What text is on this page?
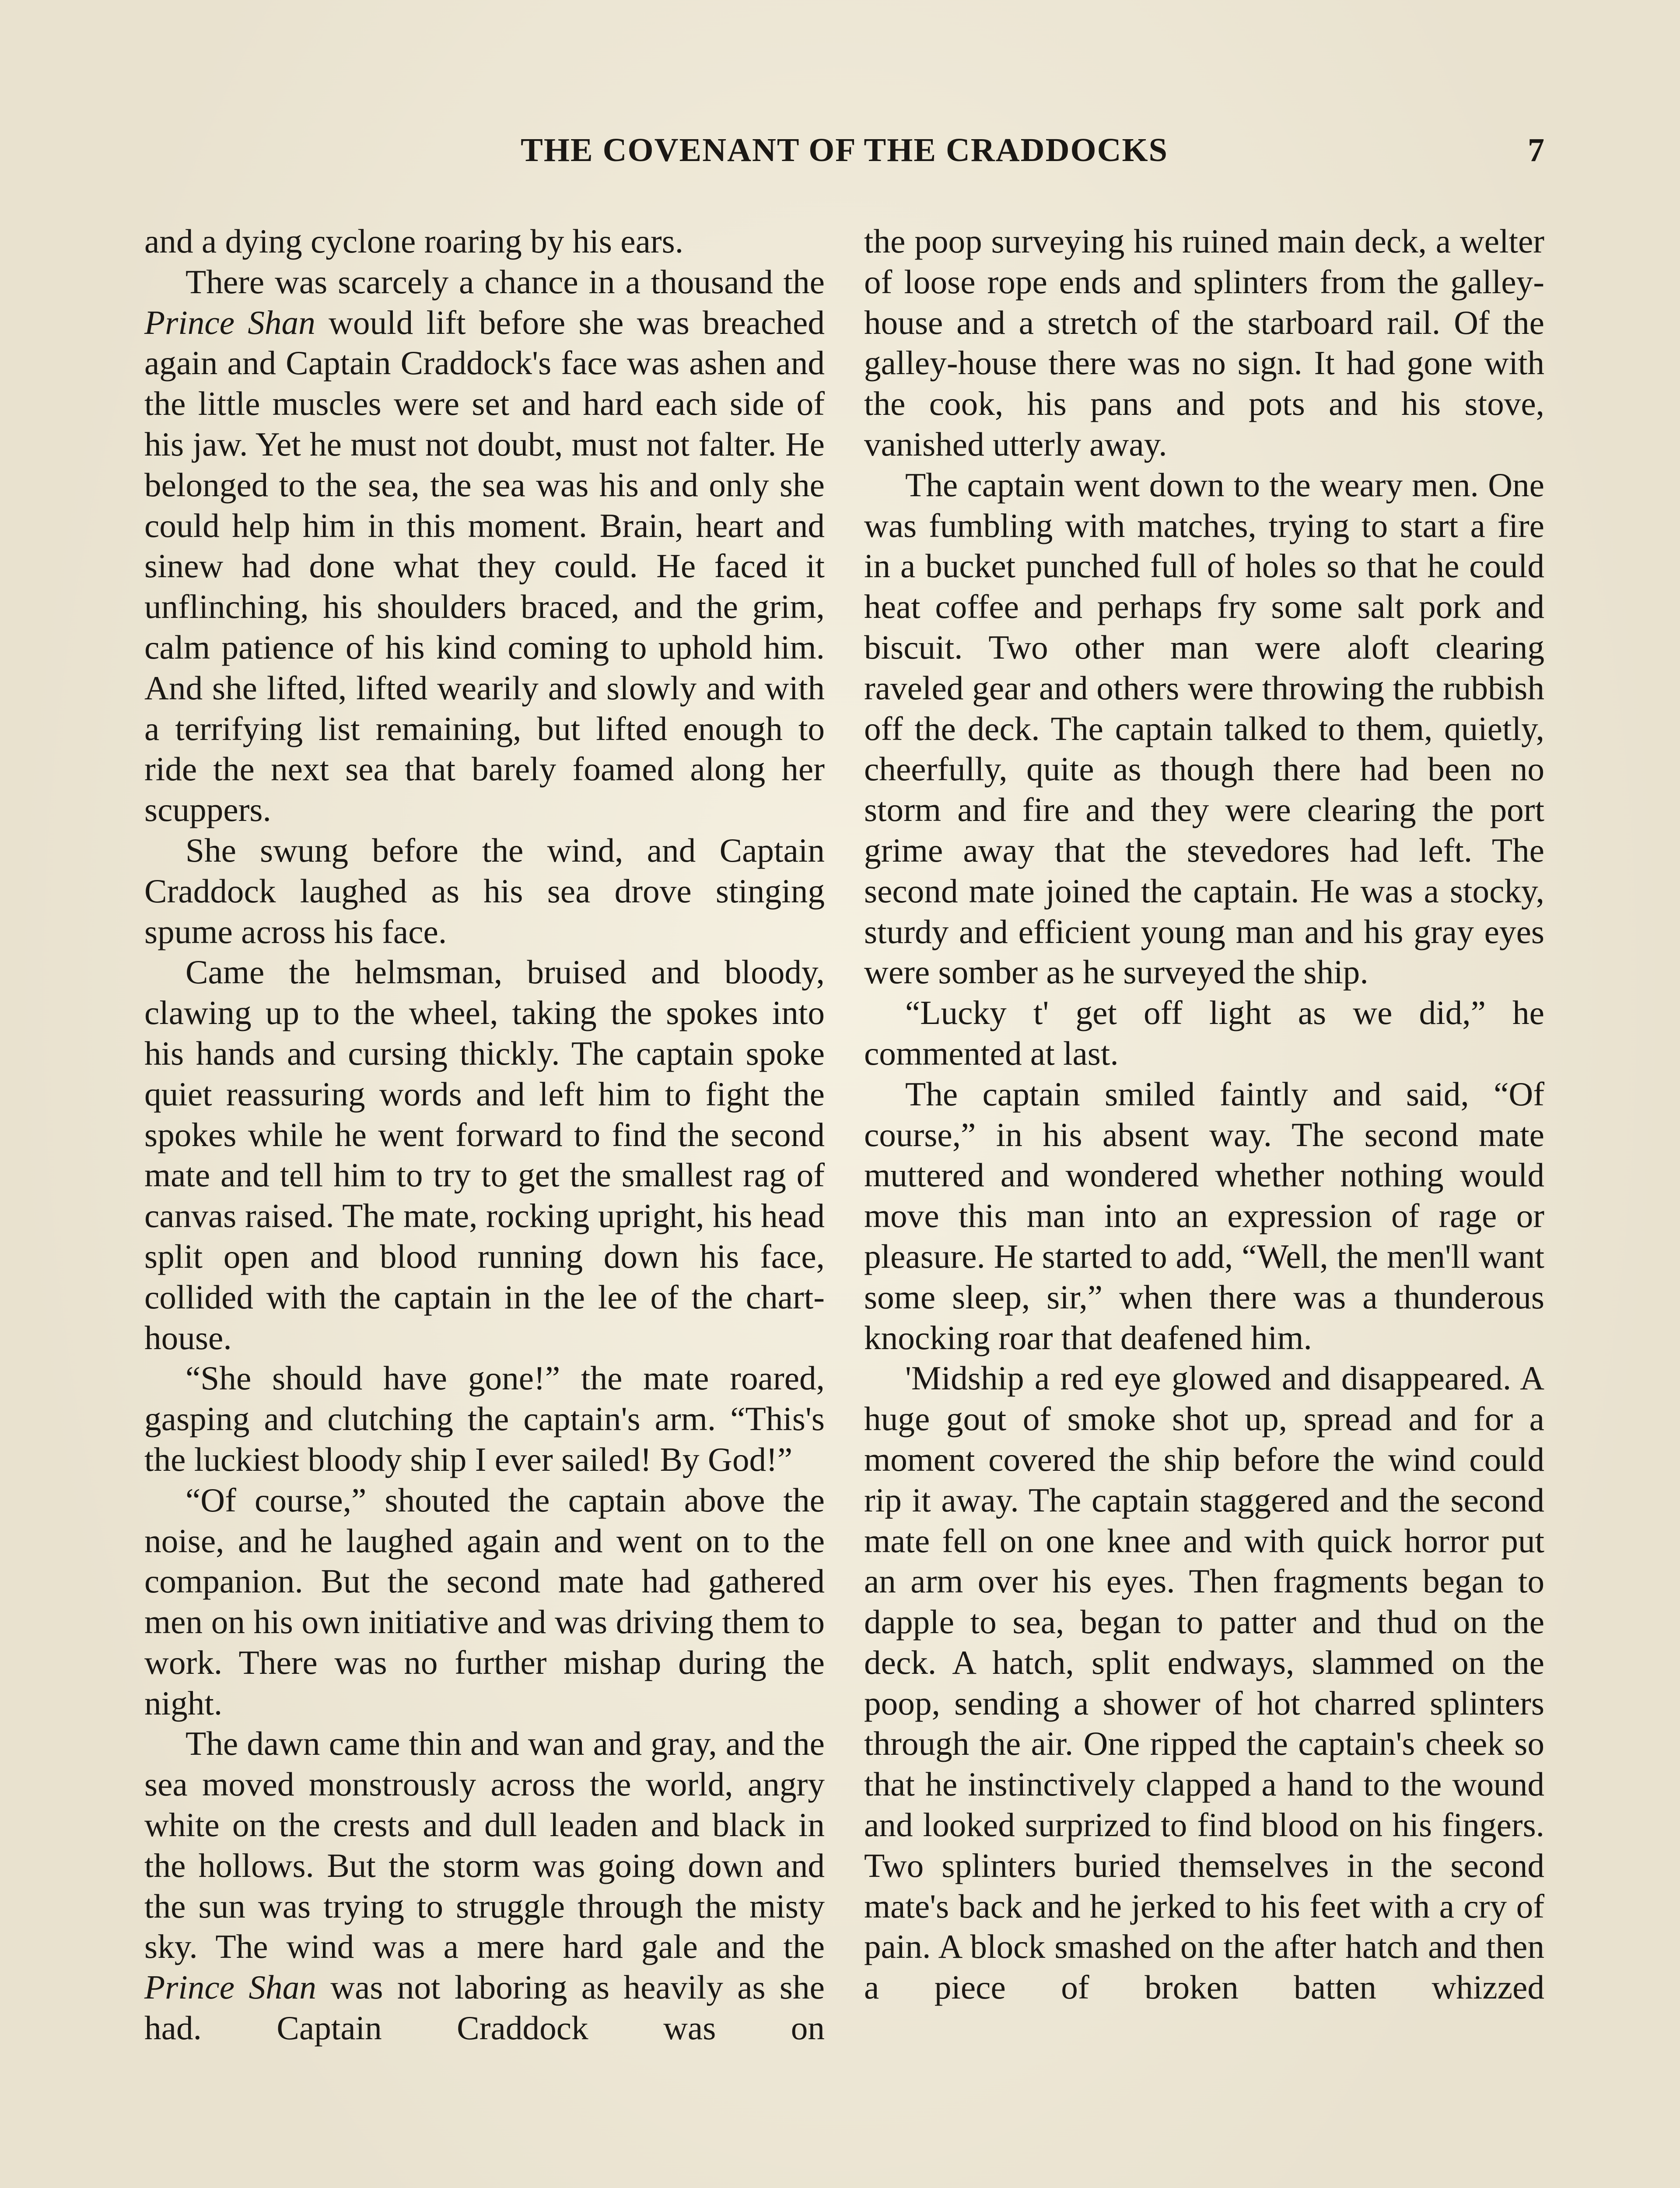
THE COVENANT OF THE CRADDOCKS	7

and a dying cyclone roaring by his ears.

There was scarcely a chance in a thousand the Prince Shan would lift before she was breached again and Captain Craddock's face was ashen and the little muscles were set and hard each side of his jaw. Yet he must not doubt, must not falter. He belonged to the sea, the sea was his and only she could help him in this moment. Brain, heart and sinew had done what they could. He faced it unflinching, his shoulders braced, and the grim, calm patience of his kind coming to uphold him. And she lifted, lifted wearily and slowly and with a terrifying list remaining, but lifted enough to ride the next sea that barely foamed along her scuppers.

She swung before the wind, and Captain Craddock laughed as his sea drove stinging spume across his face.

Came the helmsman, bruised and bloody, clawing up to the wheel, taking the spokes into his hands and cursing thickly. The captain spoke quiet reassuring words and left him to fight the spokes while he went forward to find the second mate and tell him to try to get the smallest rag of canvas raised. The mate, rocking upright, his head split open and blood running down his face, collided with the captain in the lee of the chart-house.

“She should have gone!” the mate roared, gasping and clutching the captain's arm. “This's the luckiest bloody ship I ever sailed! By God!”

“Of course,” shouted the captain above the noise, and he laughed again and went on to the companion. But the second mate had gathered men on his own initiative and was driving them to work. There was no further mishap during the night.

The dawn came thin and wan and gray, and the sea moved monstrously across the world, angry white on the crests and dull leaden and black in the hollows. But the storm was going down and the sun was trying to struggle through the misty sky. The wind was a mere hard gale and the Prince Shan was not laboring as heavily as she had. Captain Craddock was on

the poop surveying his ruined main deck, a welter of loose rope ends and splinters from the galley-house and a stretch of the starboard rail. Of the galley-house there was no sign. It had gone with the cook, his pans and pots and his stove, vanished utterly away.

The captain went down to the weary men. One was fumbling with matches, trying to start a fire in a bucket punched full of holes so that he could heat coffee and perhaps fry some salt pork and biscuit. Two other man were aloft clearing raveled gear and others were throwing the rubbish off the deck. The captain talked to them, quietly, cheerfully, quite as though there had been no storm and fire and they were clearing the port grime away that the stevedores had left. The second mate joined the captain. He was a stocky, sturdy and efficient young man and his gray eyes were somber as he surveyed the ship.

“Lucky t' get off light as we did,” he commented at last.

The captain smiled faintly and said, “Of course,” in his absent way. The second mate muttered and wondered whether nothing would move this man into an expression of rage or pleasure. He started to add, “Well, the men'll want some sleep, sir,” when there was a thunderous knocking roar that deafened him.

'Midship a red eye glowed and disappeared. A huge gout of smoke shot up, spread and for a moment covered the ship before the wind could rip it away. The captain staggered and the second mate fell on one knee and with quick horror put an arm over his eyes. Then fragments began to dapple to sea, began to patter and thud on the deck. A hatch, split endways, slammed on the poop, sending a shower of hot charred splinters through the air. One ripped the captain's cheek so that he instinctively clapped a hand to the wound and looked surprized to find blood on his fingers. Two splinters buried themselves in the second mate's back and he jerked to his feet with a cry of pain. A block smashed on the after hatch and then a piece of broken batten whizzed
